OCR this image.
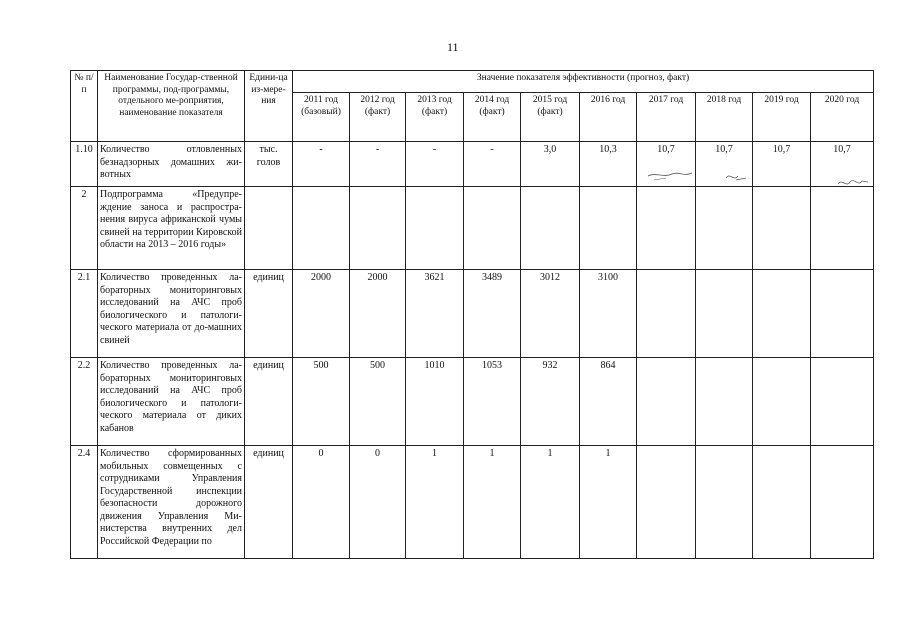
11
№ п/п	Наименование Государ-ственной программы, под-программы, отдельного ме-роприятия, наименование показателя	Едини-ца из-мере-ния	Значение показателя эффективности (прогноз, факт)									
			2011 год (базовый)	2012 год (факт)	2013 год (факт)	2014 год (факт)	2015 год (факт)	2016 год	2017 год	2018 год	2019 год	2020 год
1.10	Количество отловленных безнадзорных домашних жи-вотных	тыс. голов	-	-	-	-	3,0	10,3	10,7	10,7	10,7	10,7
2	Подпрограмма «Предупре-ждение заноса и распростра-нения вируса африканской чумы свиней на территории Кировской области на 2013 – 2016 годы»											
2.1	Количество проведенных ла-бораторных мониторинговых исследований на АЧС проб биологического и патологи-ческого материала от до-машних свиней	единиц	2000	2000	3621	3489	3012	3100				
2.2	Количество проведенных ла-бораторных мониторинговых исследований на АЧС проб биологического и патологи-ческого материала от диких кабанов	единиц	500	500	1010	1053	932	864				
2.4	Количество сформированных мобильных совмещенных с сотрудниками Управления Государственной инспекции безопасности дорожного движения Управления Ми-нистерства внутренних дел Российской Федерации по	единиц	0	0	1	1	1	1				
